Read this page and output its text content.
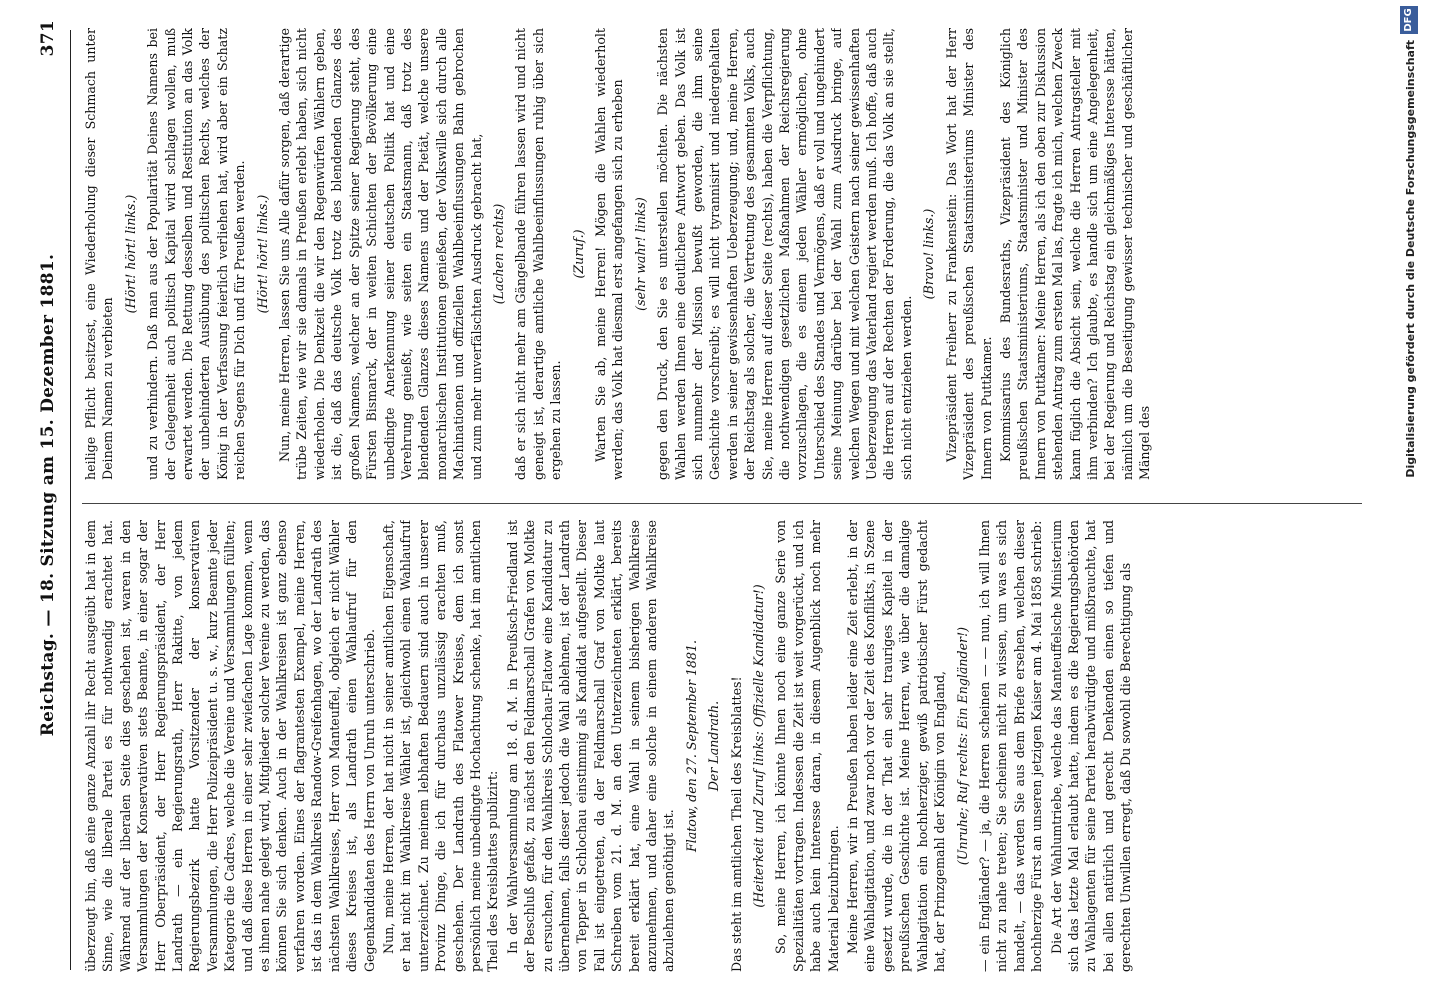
Reichstag. — 18. Sitzung am 15. Dezember 1881.
371

überzeugt bin, daß eine ganze Anzahl ihr Recht ausgeübt hat in dem Sinne, wie die liberale Partei es für nothwendig erachtet hat. Während auf der liberalen Seite dies geschehen ist, waren in den Versammlungen der Konservativen stets Beamte, in einer sogar der Herr Oberpräsident, der Herr Regierungspräsident, der Herr Landrath — ein Regierungsrath, Herr Rakitte, von jedem Regierungsbezirk hatte Vorsitzender der konservativen Versammlungen, die Herr Polizeipräsident u. s. w., kurz Beamte jeder Kategorie die Cadres, welche die Vereine und Versammlungen füllten; und daß diese Herren in einer sehr zwiefachen Lage kommen, wenn es ihnen nahe gelegt wird, Mitglieder solcher Vereine zu werden, das können Sie sich denken. Auch in der Wahlkreisen ist ganz ebenso verfahren worden. Eines der flagrantesten Exempel, meine Herren, ist das in dem Wahlkreis Randow-Greifenhagen, wo der Landrath des nächsten Wahlkreises, Herr von Manteuffel, obgleich er nicht Wähler dieses Kreises ist, als Landrath einen Wahlaufruf für den Gegenkandidaten des Herrn von Unruh unterschrieb. Nun, meine Herren, der hat nicht in seiner amtlichen Eigenschaft, er hat nicht im Wahlkreise Wähler ist, gleichwohl einen Wahlaufruf unterzeichnet. Zu meinem lebhaften Bedauern sind auch in unserer Provinz Dinge, die ich für durchaus unzulässig erachten muß, geschehen. Der Landrath des Flatower Kreises, dem ich sonst persönlich meine unbedingte Hochachtung schenke, hat im amtlichen Theil des Kreisblattes publizirt: In der Wahlversammlung am 18. d. M. in Preußisch-Friedland ist der Beschluß gefaßt, zu nächst den Feldmarschall Grafen von Moltke zu ersuchen, für den Wahlkreis Schlochau-Flatow eine Kandidatur zu übernehmen, falls dieser jedoch die Wahl ablehnen, ist der Landrath von Tepper in Schlochau einstimmig als Kandidat aufgestellt. Dieser Fall ist eingetreten, da der Feldmarschall Graf von Moltke laut Schreiben vom 21. d. M. an den Unterzeichneten erklärt, bereits bereit erklärt hat, eine Wahl in seinem bisherigen Wahlkreise anzunehmen, und daher eine solche in einem anderen Wahlkreise abzulehnen genöthigt ist.

Flatow, den 27. September 1881. Der Landrath. Das steht im amtlichen Theil des Kreisblattes! (Heiterkeit und Zuruf links: Offizielle Kandidatur!) So, meine Herren, ich könnte Ihnen noch eine ganze Serie von Spezialitäten vortragen. Indessen die Zeit ist weit vorgerückt, und ich habe auch kein Interesse daran, in diesem Augenblick noch mehr Material beizubringen. Meine Herren, wir in Preußen haben leider eine Zeit erlebt, in der eine Wahlagitation, und zwar noch vor der Zeit des Konflikts, in Szene gesetzt wurde, die in der That ein sehr trauriges Kapitel in der preußischen Geschichte ist. Meine Herren, wie über die damalige Wahlagitation ein hochherziger, gewiß patriotischer Fürst gedacht hat, der Prinzgemahl der Königin von England, (Unruhe; Ruf rechts: Ein Engländer!) — ein Engländer? — ja, die Herren scheinen — — nun, ich will Ihnen nicht zu nahe treten; Sie scheinen nicht zu wissen, um was es sich handelt, — das werden Sie aus dem Briefe ersehen, welchen dieser hochherzige Fürst an unseren jetzigen Kaiser am 4. Mai 1858 schrieb: Die Art der Wahlumtriebe, welche das Manteuffelsche Ministerium sich das letzte Mal erlaubt hatte, indem es die Regierungsbehörden zu Wahlagenten für seine Partei herabwürdigte und mißbrauchte, hat bei allen natürlich und gerecht Denkenden einen so tiefen und gerechten Unwillen erregt, daß Du sowohl die Berechtigung als

heilige Pflicht besitzest, eine Wiederholung dieser Schmach unter Deinem Namen zu verbieten

(Hört! hört! links.) und zu verhindern. Daß man aus der Popularität Deines Namens bei der Gelegenheit auch politisch Kapital wird schlagen wollen, muß erwartet werden. Die Rettung desselben und Restitution an das Volk der unbehinderten Ausübung des politischen Rechts, welches der König in der Verfassung feierlich verliehen hat, wird aber ein Schatz reichen Segens für Dich und für Preußen werden. (Hört! hört! links.) Nun, meine Herren, lassen Sie uns Alle dafür sorgen, daß derartige trübe Zeiten, wie wir sie damals in Preußen erlebt haben, sich nicht wiederholen. Die Denkzeit die wir den Regenwürfen Wählern geben, ist die, daß das deutsche Volk trotz des blendenden Glanzes des großen Namens, welcher an der Spitze seiner Regierung steht, des Fürsten Bismarck, der in weiten Schichten der Bevölkerung eine unbedingte Anerkennung seiner deutschen Politik hat und eine Verehrung genießt, wie seiten ein Staatsmann, daß trotz des blendenden Glanzes dieses Namens und der Pietät, welche unsere monarchischen Institutionen genießen, der Volkswille sich durch alle Machinationen und offiziellen Wahlbeeinflussungen Bahn gebrochen und zum mehr unverfälschten Ausdruck gebracht hat, (Lachen rechts) daß er sich nicht mehr am Gängelbande führen lassen wird und nicht geneigt ist, derartige amtliche Wahlbeeinflussungen ruhig über sich ergehen zu lassen.

(Zuruf.) Warten Sie ab, meine Herren! Mögen die Wahlen wiederholt werden; das Volk hat diesmal erst angefangen sich zu erheben (sehr wahr! links) gegen den Druck, den Sie es unterstellen möchten. Die nächsten Wahlen werden Ihnen eine deutlichere Antwort geben. Das Volk ist sich nunmehr der Mission bewußt geworden, die ihm seine Geschichte vorschreibt; es will nicht tyrannisirt und niedergehalten werden in seiner gewissenhaften Ueberzeugung; und, meine Herren, der Reichstag als solcher, die Vertretung des gesammten Volks, auch Sie, meine Herren auf dieser Seite (rechts), haben die Verpflichtung, die nothwendigen gesetzlichen Maßnahmen der Reichsregierung vorzuschlagen, die es einem jeden Wähler ermöglichen, ohne Unterschied des Standes und Vermögens, daß er voll und ungehindert seine Meinung darüber bei der Wahl zum Ausdruck bringe, auf welchen Wegen und mit welchen Geistern nach seiner gewissenhaften Ueberzeugung das Vaterland regiert werden muß. Ich hoffe, daß auch die Herren auf der Rechten der Forderung, die das Volk an sie stellt, sich nicht entziehen werden.

(Bravo! links.) Vizepräsident Freiherr zu Frankenstein: Das Wort hat der Herr Vizepräsident des preußischen Staatsministeriums Minister des Innern von Puttkamer. Kommissarius des Bundesraths, Vizepräsident des Königlich preußischen Staatsministeriums, Staatsminister und Minister des Innern von Puttkamer: Meine Herren, als ich den oben zur Diskussion stehenden Antrag zum ersten Mal las, fragte ich mich, welchen Zweck kann füglich die Absicht sein, welche die Herren Antragsteller mit ihm verbinden? Ich glaubte, es handle sich um eine Angelegenheit, bei der Regierung und Reichstag ein gleichmäßiges Interesse hätten, nämlich um die Beseitigung gewisser technischer und geschäftlicher Mängel des	Digitalisierung gefördert durch die Deutsche Forschungsgemeinschaft
DFG
